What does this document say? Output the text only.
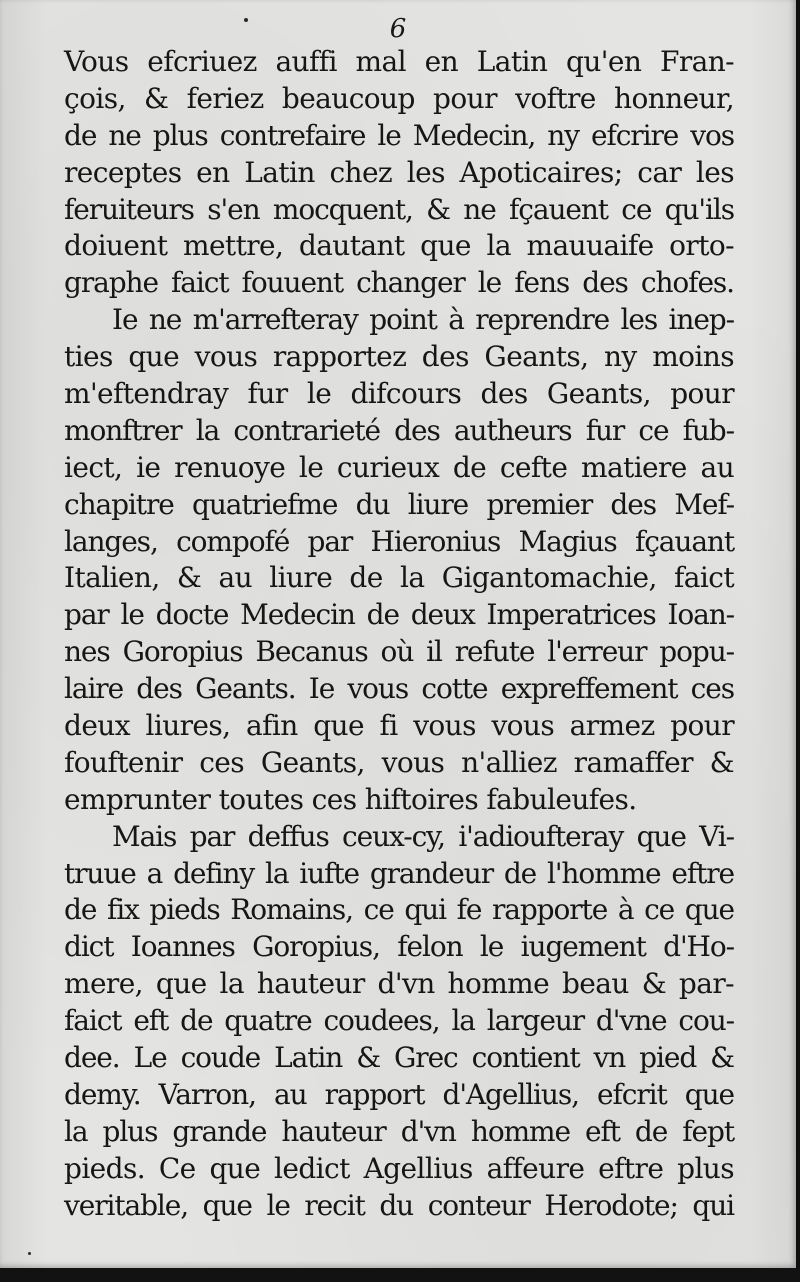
6
Vous efcriuez auffi mal en Latin qu'en Fran-
çois, & feriez beaucoup pour voftre honneur,
de ne plus contrefaire le Medecin, ny efcrire vos
receptes en Latin chez les Apoticaires; car les
feruiteurs s'en mocquent, & ne fçauent ce qu'ils
doiuent mettre, dautant que la mauuaife orto-
graphe faict fouuent changer le fens des chofes.
Ie ne m'arrefteray point à reprendre les inep-
ties que vous rapportez des Geants, ny moins
m'eftendray fur le difcours des Geants, pour
monftrer la contrarieté des autheurs fur ce fub-
iect, ie renuoye le curieux de cefte matiere au
chapitre quatriefme du liure premier des Mef-
langes, compofé par Hieronius Magius fçauant
Italien, & au liure de la Gigantomachie, faict
par le docte Medecin de deux Imperatrices Ioan-
nes Goropius Becanus où il refute l'erreur popu-
laire des Geants. Ie vous cotte expreffement ces
deux liures, afin que fi vous vous armez pour
fouftenir ces Geants, vous n'alliez ramaffer &
emprunter toutes ces hiftoires fabuleufes.
Mais par deffus ceux-cy, i'adioufteray que Vi-
truue a definy la iufte grandeur de l'homme eftre
de fix pieds Romains, ce qui fe rapporte à ce que
dict Ioannes Goropius, felon le iugement d'Ho-
mere, que la hauteur d'vn homme beau & par-
faict eft de quatre coudees, la largeur d'vne cou-
dee. Le coude Latin & Grec contient vn pied &
demy. Varron, au rapport d'Agellius, efcrit que
la plus grande hauteur d'vn homme eft de fept
pieds. Ce que ledict Agellius affeure eftre plus
veritable, que le recit du conteur Herodote; qui
